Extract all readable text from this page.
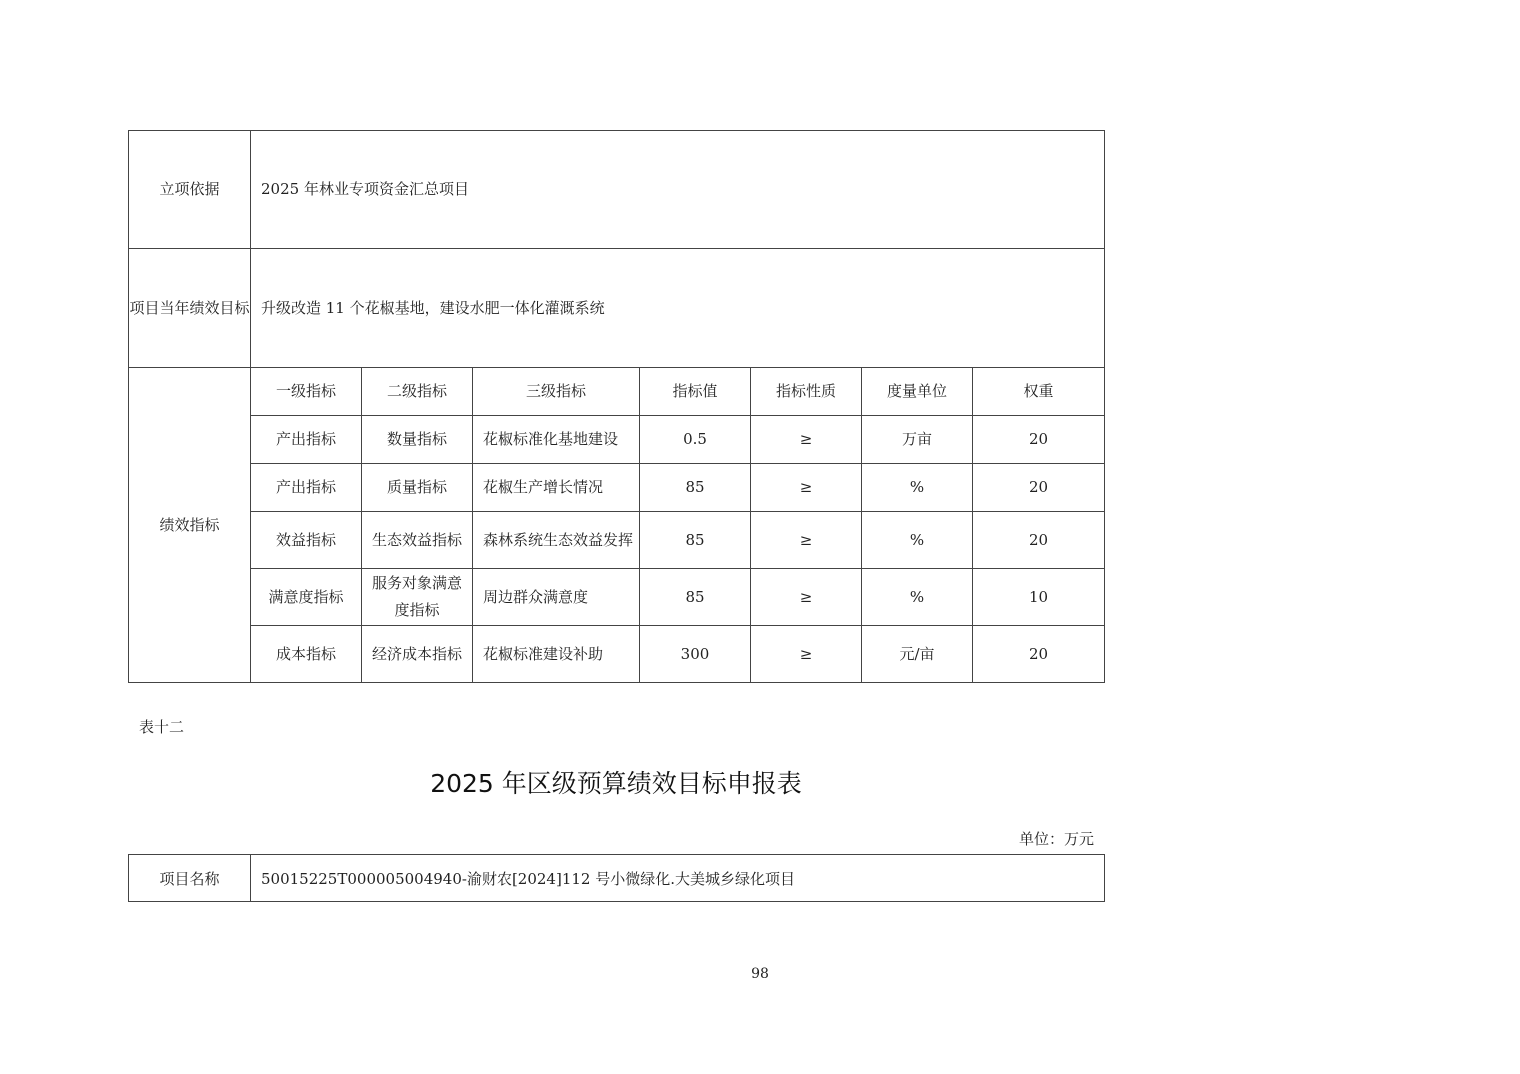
立项依据	2025 年林业专项资金汇总项目						
项目当年绩效目标	升级改造 11 个花椒基地，建设水肥一体化灌溉系统						
绩效指标	一级指标	二级指标	三级指标	指标值	指标性质	度量单位	权重
	产出指标	数量指标	花椒标准化基地建设	0.5	≥	万亩	20
	产出指标	质量指标	花椒生产增长情况	85	≥	%	20
	效益指标	生态效益指标	森林系统生态效益发挥	85	≥	%	20
	满意度指标	服务对象满意度指标	周边群众满意度	85	≥	%	10
	成本指标	经济成本指标	花椒标准建设补助	300	≥	元/亩	20
表十二
2025 年区级预算绩效目标申报表
单位：万元
项目名称	50015225T000005004940-渝财农[2024]112 号小微绿化.大美城乡绿化项目
98
